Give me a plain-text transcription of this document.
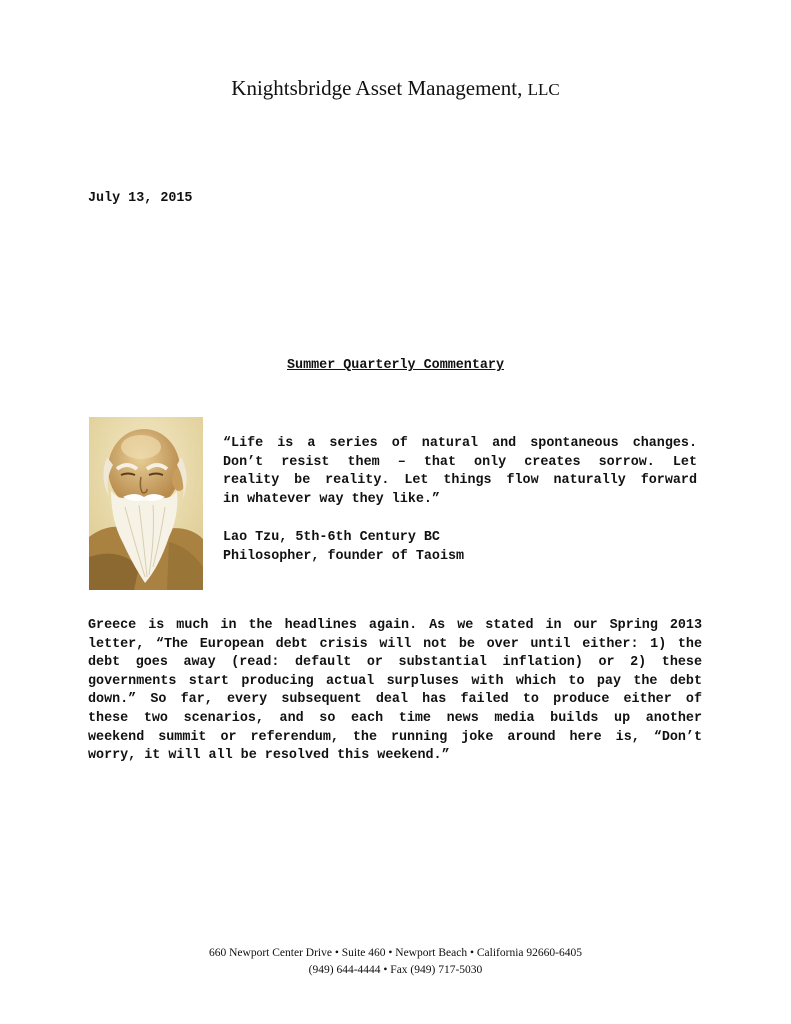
Knightsbridge Asset Management, LLC
July 13, 2015
Summer Quarterly Commentary
“Life is a series of natural and spontaneous changes.
Don’t resist them – that only creates sorrow. Let
reality be reality. Let things flow naturally forward
in whatever way they like.”
Lao Tzu, 5th-6th Century BC
Philosopher, founder of Taoism
Greece is much in the headlines again. As we stated in our Spring 2013
letter, “The European debt crisis will not be over until either: 1) the
debt goes away (read: default or substantial inflation) or 2) these
governments start producing actual surpluses with which to pay the debt
down.” So far, every subsequent deal has failed to produce either of
these two scenarios, and so each time news media builds up another
weekend summit or referendum, the running joke around here is, “Don’t
worry, it will all be resolved this weekend.”
660 Newport Center Drive • Suite 460 • Newport Beach • California 92660-6405
(949) 644-4444 • Fax (949) 717-5030
